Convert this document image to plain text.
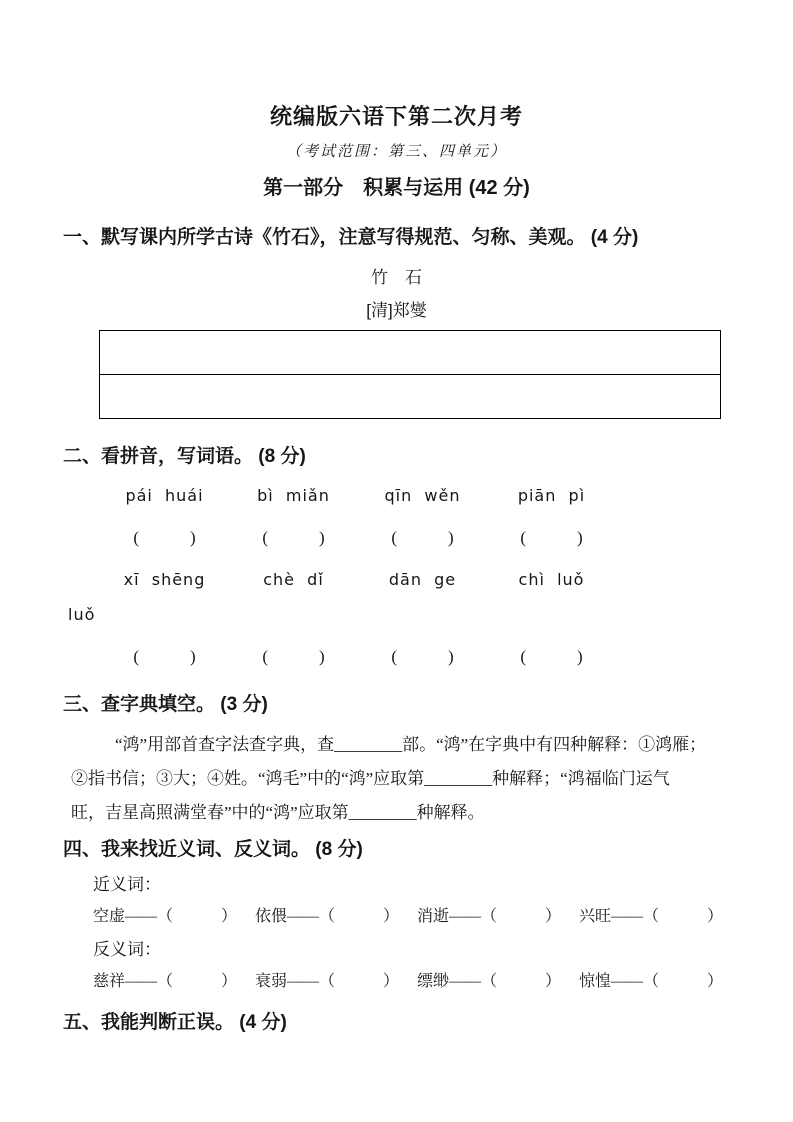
统编版六语下第二次月考
（考试范围：第三、四单元）
第一部分　积累与运用 (42 分)
一、默写课内所学古诗《竹石》，注意写得规范、匀称、美观。 (4 分)
竹　石
[清]郑燮

二、看拼音，写词语。 (8 分)
pái  huái	bì  miǎn	qīn  wěn	piān  pì
(　　　)	(　　　)	(　　　)	(　　　)
xī  shēng	chè  dǐ	dān  ge	chì  luǒ
luǒ
(　　　)	(　　　)	(　　　)	(　　　)
三、查字典填空。 (3 分)
“鸿”用部首查字法查字典，查________部。“鸿”在字典中有四种解释：①鸿雁；
②指书信；③大；④姓。“鸿毛”中的“鸿”应取第________种解释；“鸿福临门运气
旺，吉星高照满堂春”中的“鸿”应取第________种解释。
四、我来找近义词、反义词。 (8 分)
近义词：
空虚——（　　　） 依偎——（　　　） 消逝——（　　　） 兴旺——（　　　）
反义词：
慈祥——（　　　） 衰弱——（　　　） 缥缈——（　　　） 惊惶——（　　　）
五、我能判断正误。 (4 分)
